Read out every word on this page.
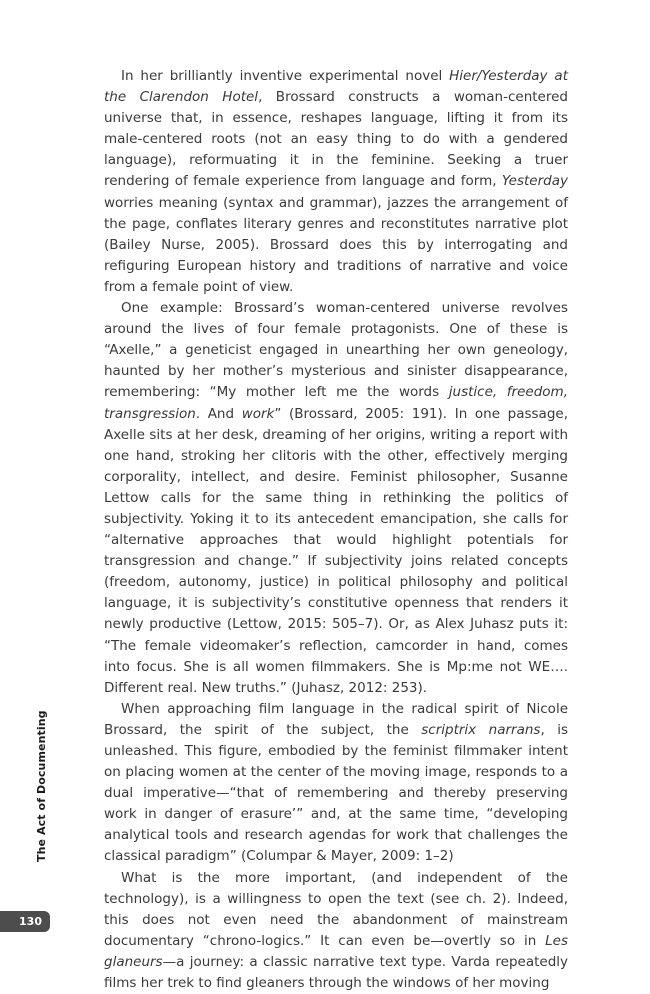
In her brilliantly inventive experimental novel Hier/Yesterday at the Clarendon Hotel, Brossard constructs a woman-centered universe that, in essence, reshapes language, lifting it from its male-centered roots (not an easy thing to do with a gendered language), reformuating it in the feminine. Seeking a truer rendering of female experience from language and form, Yesterday worries meaning (syntax and grammar), jazzes the arrangement of the page, conflates literary genres and reconstitutes narrative plot (Bailey Nurse, 2005). Brossard does this by interrogating and refiguring European history and traditions of narrative and voice from a female point of view.

One example: Brossard’s woman-centered universe revolves around the lives of four female protagonists. One of these is “Axelle,” a geneticist engaged in unearthing her own geneology, haunted by her mother’s mysterious and sinister disappearance, remembering: “My mother left me the words justice, freedom, transgression. And work” (Brossard, 2005: 191). In one passage, Axelle sits at her desk, dreaming of her origins, writing a report with one hand, stroking her clitoris with the other, effectively merging corporality, intellect, and desire. Feminist philosopher, Susanne Lettow calls for the same thing in rethinking the politics of subjectivity. Yoking it to its antecedent emancipation, she calls for “alternative approaches that would highlight potentials for transgression and change.” If subjectivity joins related concepts (freedom, autonomy, justice) in political philosophy and political language, it is subjectivity’s constitutive openness that renders it newly productive (Lettow, 2015: 505–7). Or, as Alex Juhasz puts it: “The female videomaker’s reflection, camcorder in hand, comes into focus. She is all women filmmakers. She is Mp:me not WE…. Different real. New truths.” (Juhasz, 2012: 253).

When approaching film language in the radical spirit of Nicole Brossard, the spirit of the subject, the scriptrix narrans, is unleashed. This figure, embodied by the feminist filmmaker intent on placing women at the center of the moving image, responds to a dual imperative—“that of remembering and thereby preserving work in danger of erasure’” and, at the same time, “developing analytical tools and research agendas for work that challenges the classical paradigm” (Columpar & Mayer, 2009: 1–2)

What is the more important, (and independent of the technology), is a willingness to open the text (see ch. 2). Indeed, this does not even need the abandonment of mainstream documentary “chrono-logics.” It can even be—overtly so in Les glaneurs—a journey: a classic narrative text type. Varda repeatedly films her trek to find gleaners through the windows of her moving

The Act of Documenting
130
